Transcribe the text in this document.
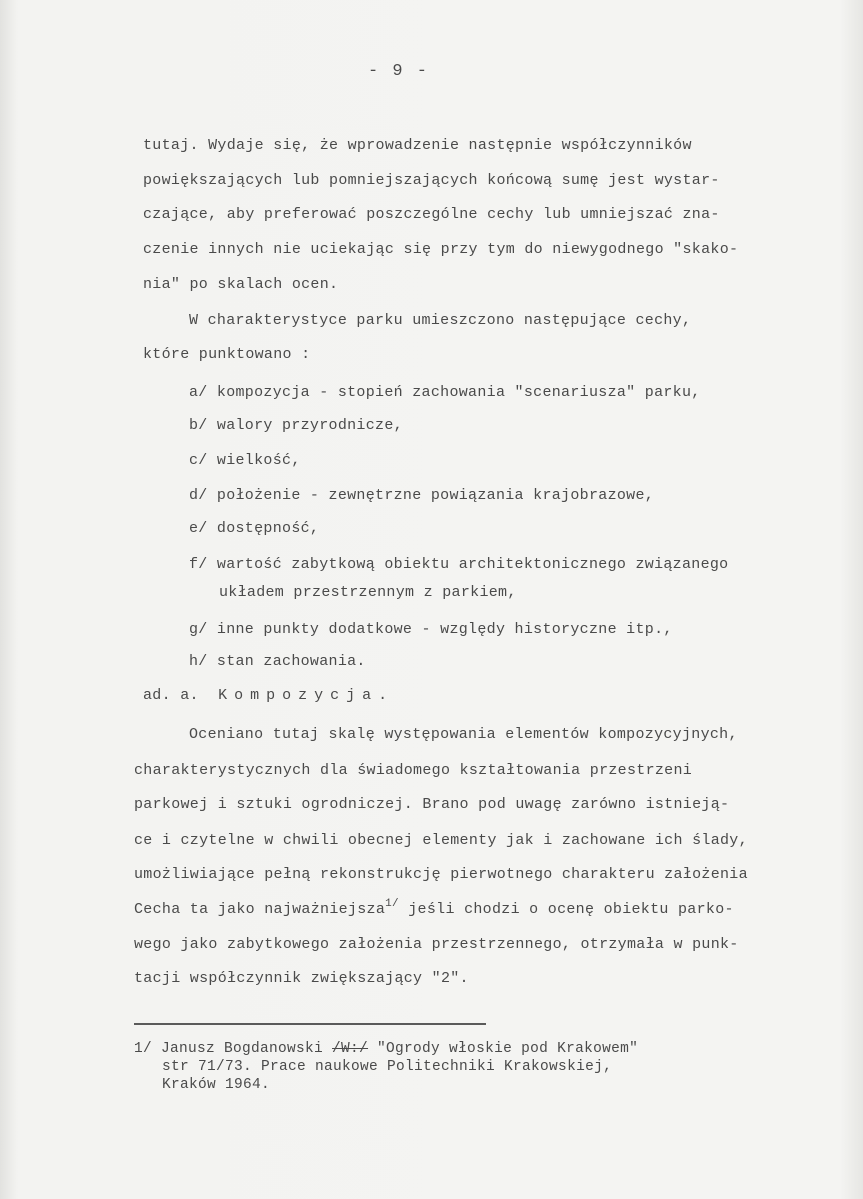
- 9 -
tutaj. Wydaje się, że wprowadzenie następnie współczynników
powiększających lub pomniejszających końcową sumę jest wystar-
czające, aby preferować poszczególne cechy lub umniejszać zna-
czenie innych nie uciekając się przy tym do niewygodnego "skako-
nia" po skalach ocen.
W charakterystyce parku umieszczono następujące cechy,
które punktowano :
a/ kompozycja - stopień zachowania "scenariusza" parku,
b/ walory przyrodnicze,
c/ wielkość,
d/ położenie - zewnętrzne powiązania krajobrazowe,
e/ dostępność,
f/ wartość zabytkową obiektu architektonicznego związanego
układem przestrzennym z parkiem,
g/ inne punkty dodatkowe - względy historyczne itp.,
h/ stan zachowania.
ad. a. Kompozycja.
Oceniano tutaj skalę występowania elementów kompozycyjnych,
charakterystycznych dla świadomego kształtowania przestrzeni
parkowej i sztuki ogrodniczej. Brano pod uwagę zarówno istnieją-
ce i czytelne w chwili obecnej elementy jak i zachowane ich ślady,
umożliwiające pełną rekonstrukcję pierwotnego charakteru założenia
Cecha ta jako najważniejsza$^{1/}$ jeśli chodzi o ocenę obiektu parko-
wego jako zabytkowego założenia przestrzennego, otrzymała w punk-
tacji współczynnik zwiększający "2".
1/ Janusz Bogdanowski /W:/ "Ogrody włoskie pod Krakowem"
str 71/73. Prace naukowe Politechniki Krakowskiej,
Kraków 1964.
